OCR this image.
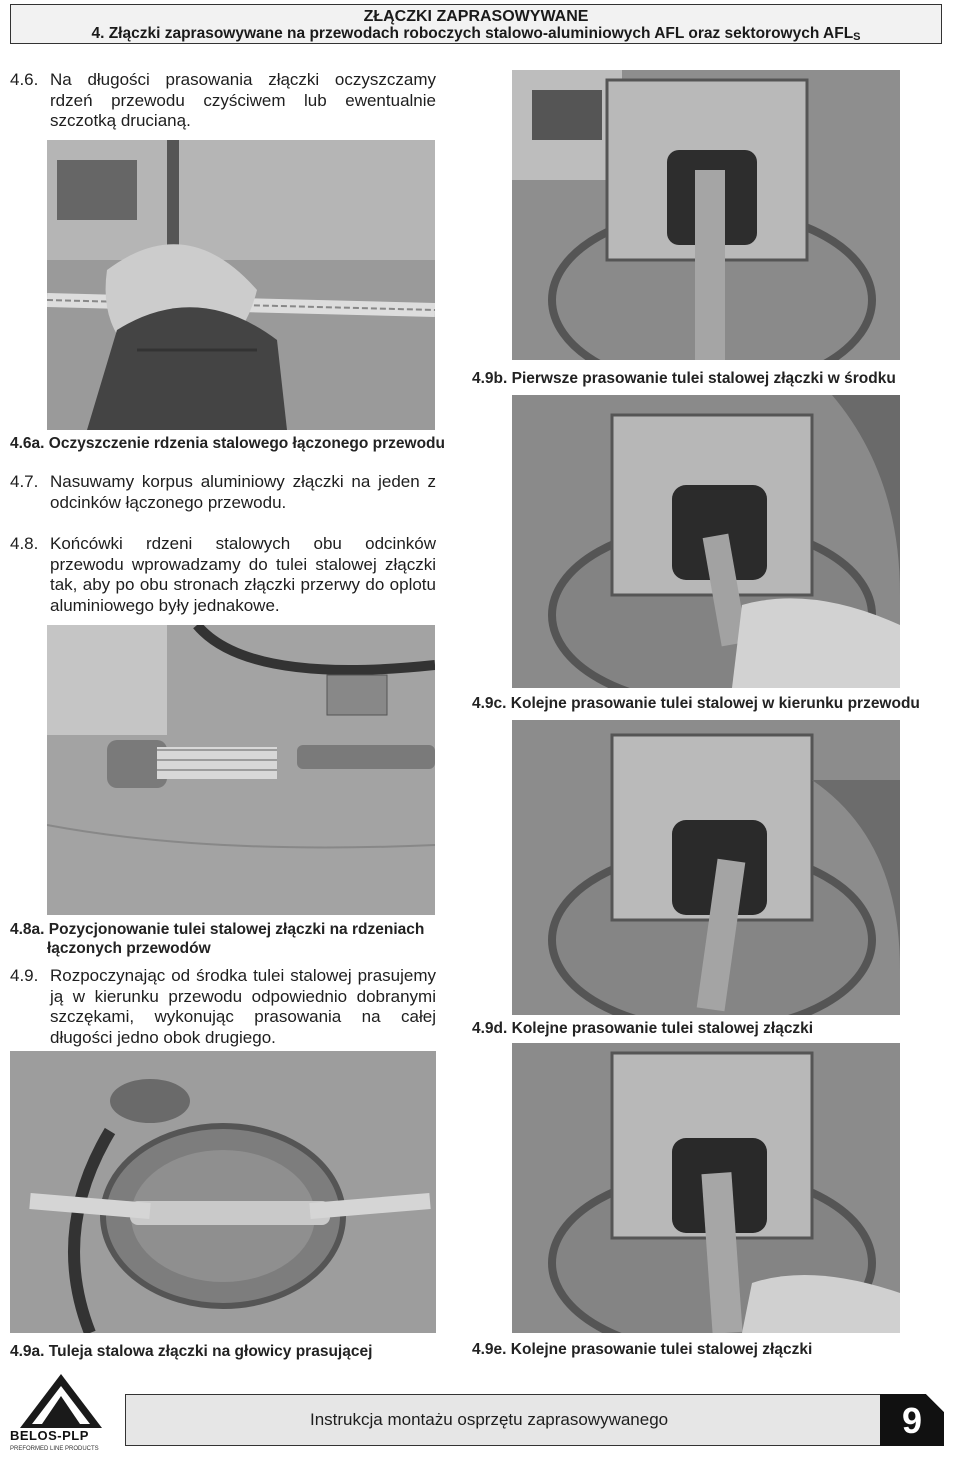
ZŁĄCZKI ZAPRASOWYWANE
4. Złączki zaprasowywane na przewodach roboczych stalowo-aluminiowych AFL oraz sektorowych $AFL_S$
4.6. Na długości prasowania złączki oczyszczamy rdzeń przewodu czyściwem lub ewentualnie szczotką drucianą.
4.6a. Oczyszczenie rdzenia stalowego łączonego przewodu
4.7. Nasuwamy korpus aluminiowy złączki na jeden z odcinków łączonego przewodu.
4.8. Końcówki rdzeni stalowych obu odcinków przewodu wprowadzamy do tulei stalowej złączki tak, aby po obu stronach złączki przerwy do oplotu aluminiowego były jednakowe.
4.8a. Pozycjonowanie tulei stalowej złączki na rdzeniach
łączonych przewodów
4.9. Rozpoczynając od środka tulei stalowej prasujemy ją w kierunku przewodu odpowiednio dobranymi szczękami, wykonując prasowania na całej długości jedno obok drugiego.
4.9a. Tuleja stalowa złączki na głowicy prasującej
4.9b. Pierwsze prasowanie tulei stalowej złączki w środku
4.9c. Kolejne prasowanie tulei stalowej w kierunku przewodu
4.9d. Kolejne prasowanie tulei stalowej złączki
4.9e. Kolejne prasowanie tulei stalowej złączki
BELOS-PLP
PREFORMED LINE PRODUCTS
Instrukcja montażu osprzętu zaprasowywanego	9
